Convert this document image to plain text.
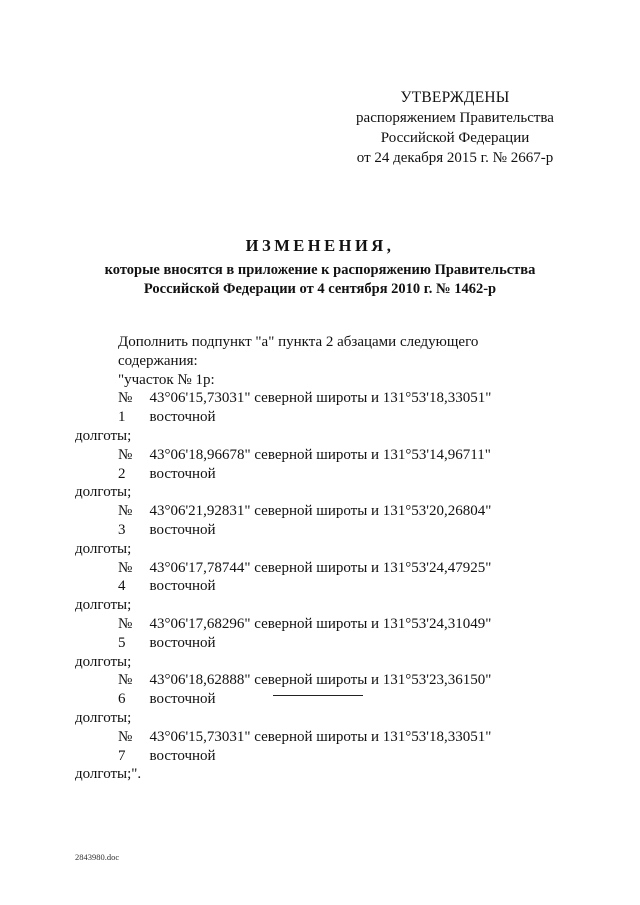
УТВЕРЖДЕНЫ
распоряжением Правительства
Российской Федерации
от 24 декабря 2015 г. № 2667-р
ИЗМЕНЕНИЯ,
которые вносятся в приложение к распоряжению Правительства
Российской Федерации от 4 сентября 2010 г. № 1462-р
Дополнить подпункт "а" пункта 2 абзацами следующего содержания:
"участок № 1р:
№ 1
43°06'15,73031" северной широты и 131°53'18,33051" восточной
долготы;
№ 2
43°06'18,96678" северной широты и 131°53'14,96711" восточной
долготы;
№ 3
43°06'21,92831" северной широты и 131°53'20,26804" восточной
долготы;
№ 4
43°06'17,78744" северной широты и 131°53'24,47925" восточной
долготы;
№ 5
43°06'17,68296" северной широты и 131°53'24,31049" восточной
долготы;
№ 6
43°06'18,62888" северной широты и 131°53'23,36150" восточной
долготы;
№ 7
43°06'15,73031" северной широты и 131°53'18,33051" восточной
долготы;".
2843980.doc
